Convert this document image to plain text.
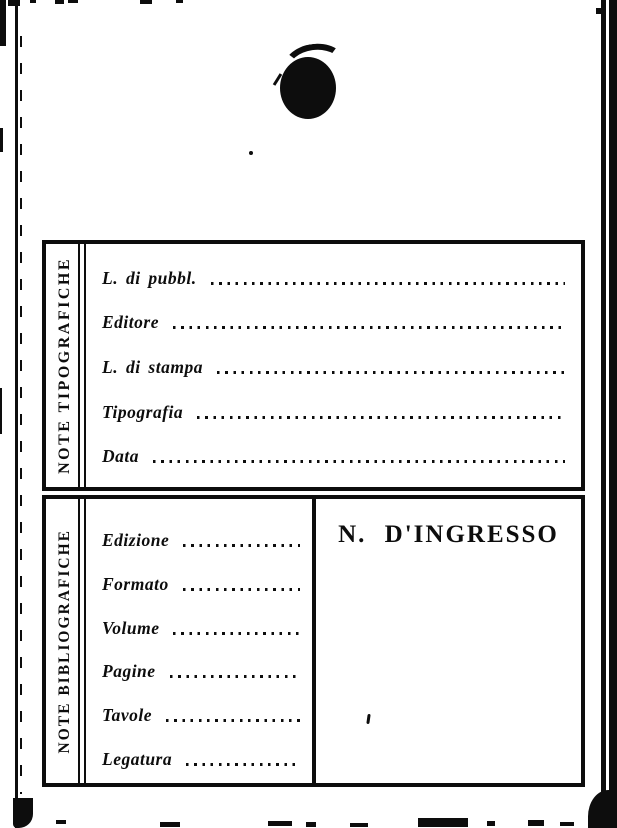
NOTE TIPOGRAFICHE L. di pubbl.
Editore
L. di stampa
Tipografia
Data
NOTE BIBLIOGRAFICHE Edizione
Formato
Volume
Pagine
Tavole
Legatura
N. D'INGRESSO
